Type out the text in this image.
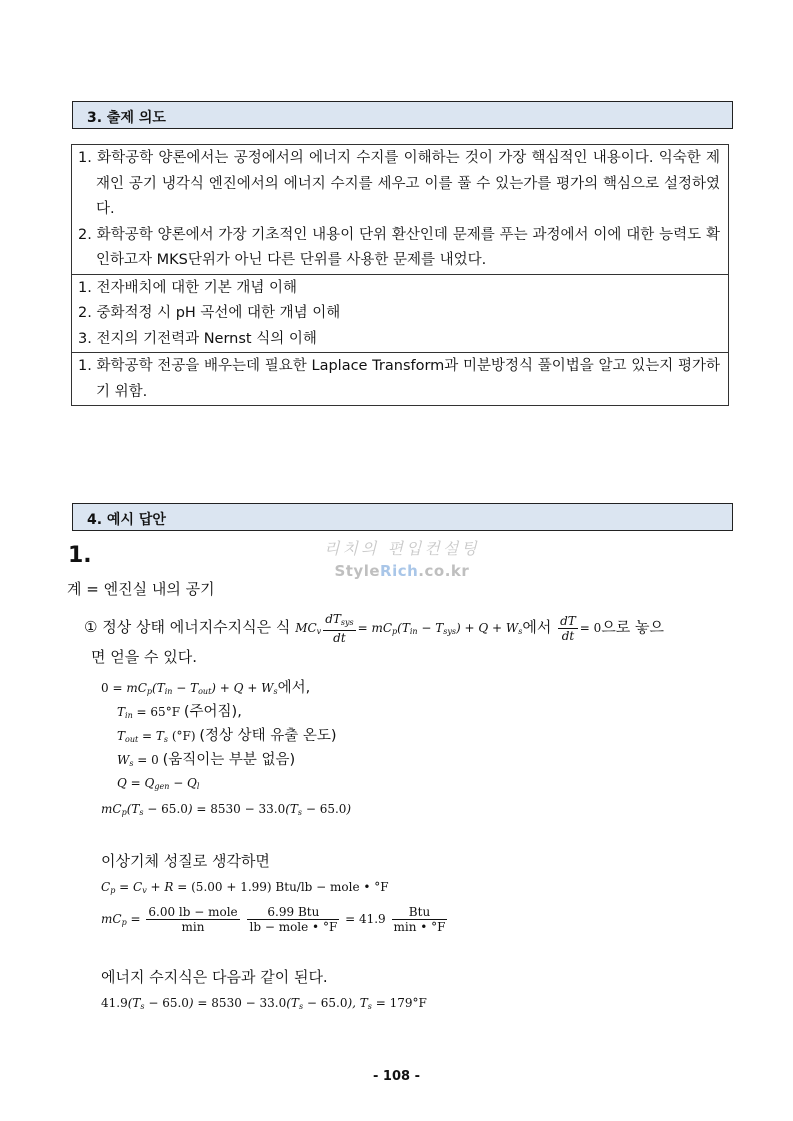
3. 출제 의도

1. 화학공학 양론에서는 공정에서의 에너지 수지를 이해하는 것이 가장 핵심적인 내용이다. 익숙한 제재인 공기 냉각식 엔진에서의 에너지 수지를 세우고 이를 풀 수 있는가를 평가의 핵심으로 설정하였다.

2. 화학공학 양론에서 가장 기초적인 내용이 단위 환산인데 문제를 푸는 과정에서 이에 대한 능력도 확인하고자 MKS단위가 아닌 다른 단위를 사용한 문제를 내었다.

1. 전자배치에 대한 기본 개념 이해

2. 중화적정 시 pH 곡선에 대한 개념 이해

3. 전지의 기전력과 Nernst 식의 이해

1. 화학공학 전공을 배우는데 필요한 Laplace Transform과 미분방정식 풀이법을 알고 있는지 평가하기 위함.

4. 예시 답안
1.	리치의 편입컨설팅
StyleRich.co.kr
계 = 엔진실 내의 공기
① 정상 상태 에너지수지식은 식 $MC_v \frac{dT_{sys}}{dt} = mC_p(T_{in} - T_{sys}) + Q + W_s$에서 $\frac{dT}{dt} = 0$으로 놓으
면 얻을 수 있다.
$0 = mC_p(T_{in} - T_{out}) + Q + W_s$에서,
$T_{in} = 65^\circ F$ (주어짐),
$T_{out} = T_s$ (°F) (정상 상태 유출 온도)
$W_s = 0$ (움직이는 부분 없음)
$Q = Q_{gen} - Q_l$
$mC_p(T_s - 65.0) = 8530 - 33.0(T_s - 65.0)$
이상기체 성질로 생각하면
$C_p = C_v + R = (5.00 + 1.99) Btu/lb$ − mole • °F
$mC_p = \frac{\text{6.00 lb − mole}}{\min}$
$\frac{\text{6.99 Btu}}{\text{lb − mole • °F}} = 41.9 \frac{\text{Btu}}{\min • ^\circ F}$
에너지 수지식은 다음과 같이 된다.
$41.9(T_s - 65.0) = 8530 - 33.0(T_s - 65.0)$, $T_s = 179^\circ F$
- 108 -
